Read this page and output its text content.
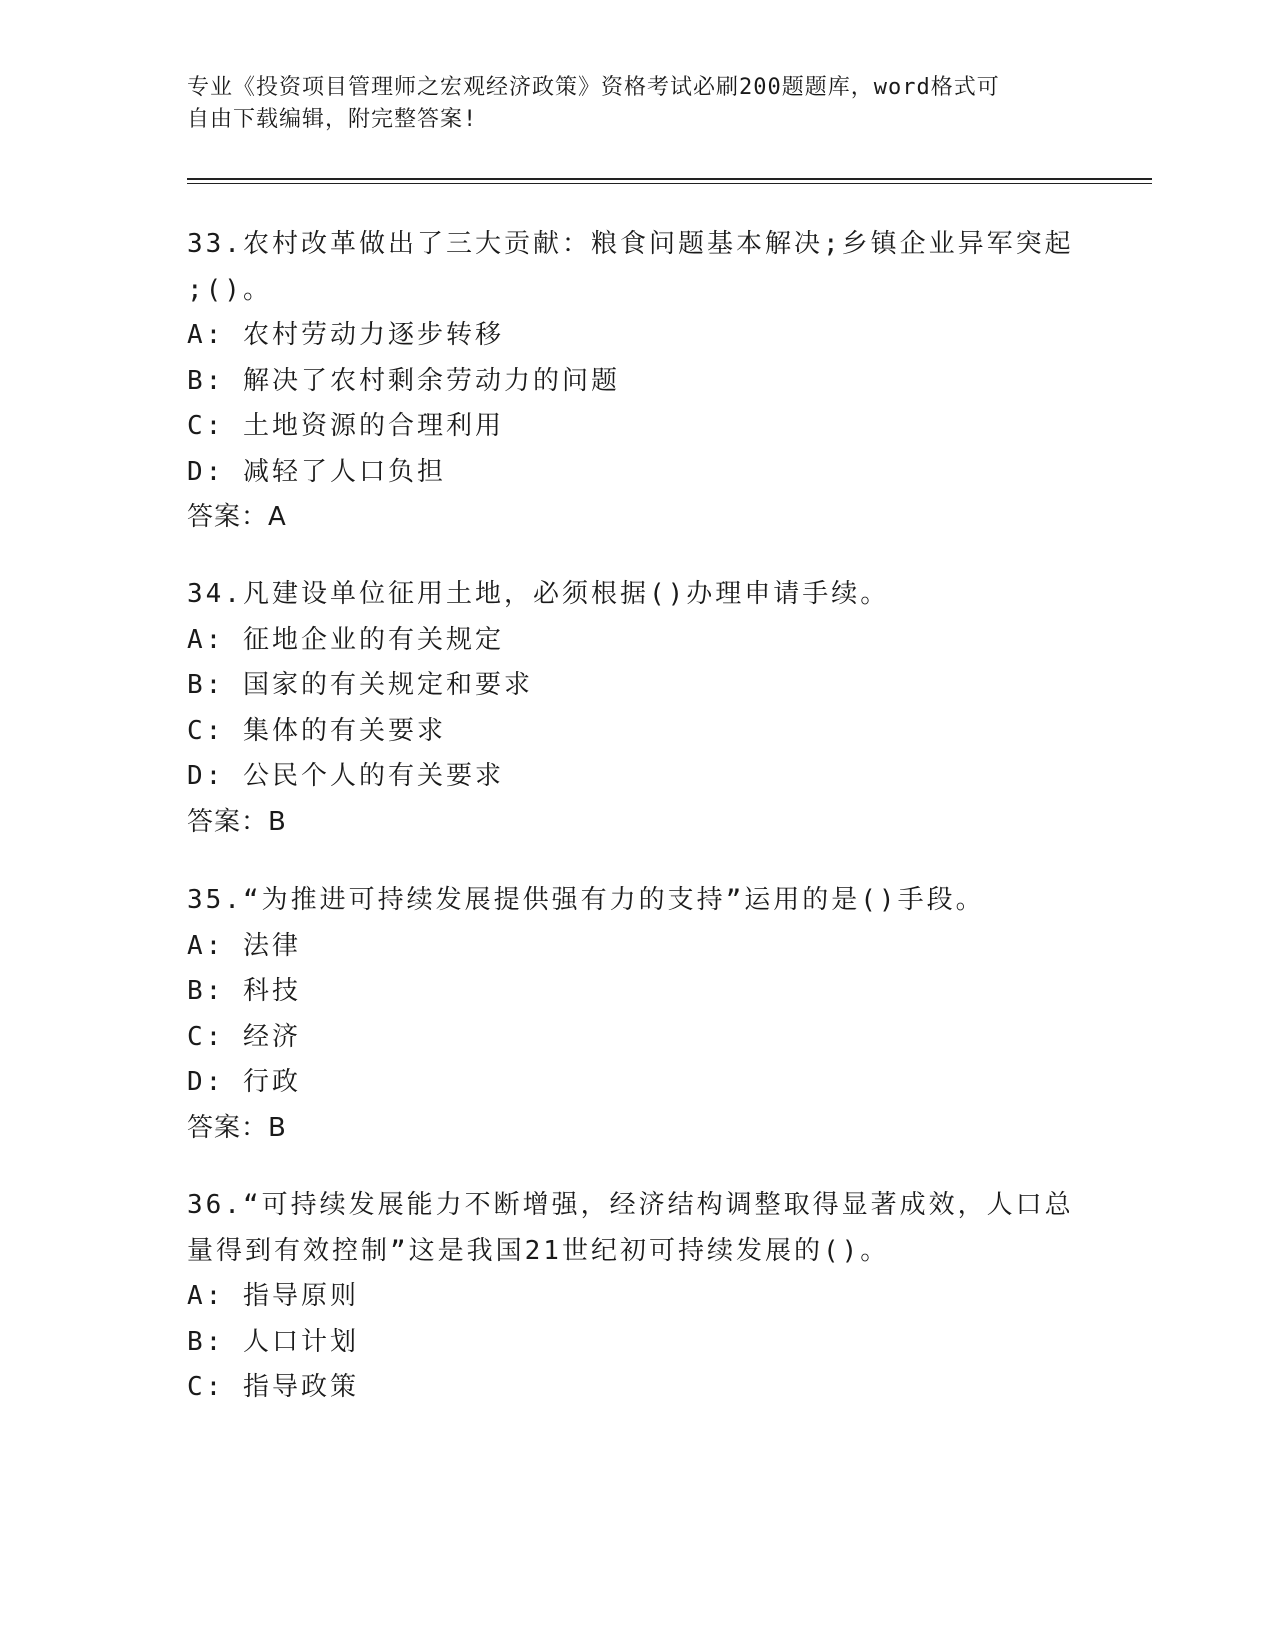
专业《投资项目管理师之宏观经济政策》资格考试必刷200题题库，word格式可

自由下载编辑，附完整答案!

33.农村改革做出了三大贡献：粮食问题基本解决;乡镇企业异军突起

;()。

A: 农村劳动力逐步转移

B: 解决了农村剩余劳动力的问题

C: 土地资源的合理利用

D: 减轻了人口负担

答案：A

34.凡建设单位征用土地，必须根据()办理申请手续。

A: 征地企业的有关规定

B: 国家的有关规定和要求

C: 集体的有关要求

D: 公民个人的有关要求

答案：B

35.“为推进可持续发展提供强有力的支持”运用的是()手段。

A: 法律

B: 科技

C: 经济

D: 行政

答案：B

36.“可持续发展能力不断增强，经济结构调整取得显著成效，人口总

量得到有效控制”这是我国21世纪初可持续发展的()。

A: 指导原则

B: 人口计划

C: 指导政策
